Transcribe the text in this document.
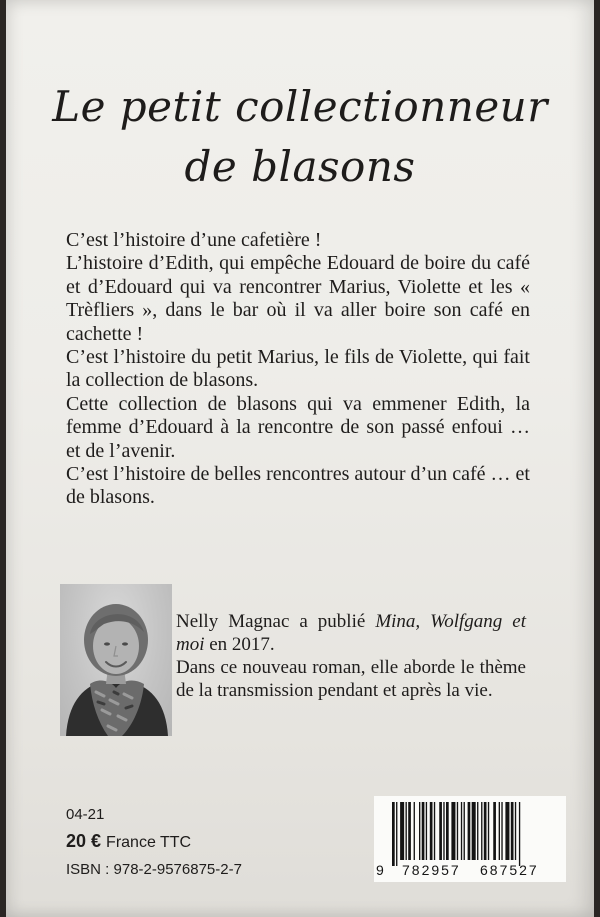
Le petit collectionneur
de blasons

C’est l’histoire d’une cafetière !

L’histoire d’Edith, qui empêche Edouard de boire du café et d’Edouard qui va rencontrer Marius, Violette et les « Trèfliers », dans le bar où il va aller boire son café en cachette !

C’est l’histoire du petit Marius, le fils de Violette, qui fait la collection de blasons.

Cette collection de blasons qui va emmener Edith, la femme d’Edouard à la rencontre de son passé enfoui … et de l’avenir.

C’est l’histoire de belles rencontres autour d’un café … et de blasons.

Nelly Magnac a publié Mina, Wolfgang et moi en 2017.

Dans ce nouveau roman, elle aborde le thème de la transmission pendant et après la vie.

04-21
20 € France TTC
ISBN : 978-2-9576875-2-7	9 782957 687527
